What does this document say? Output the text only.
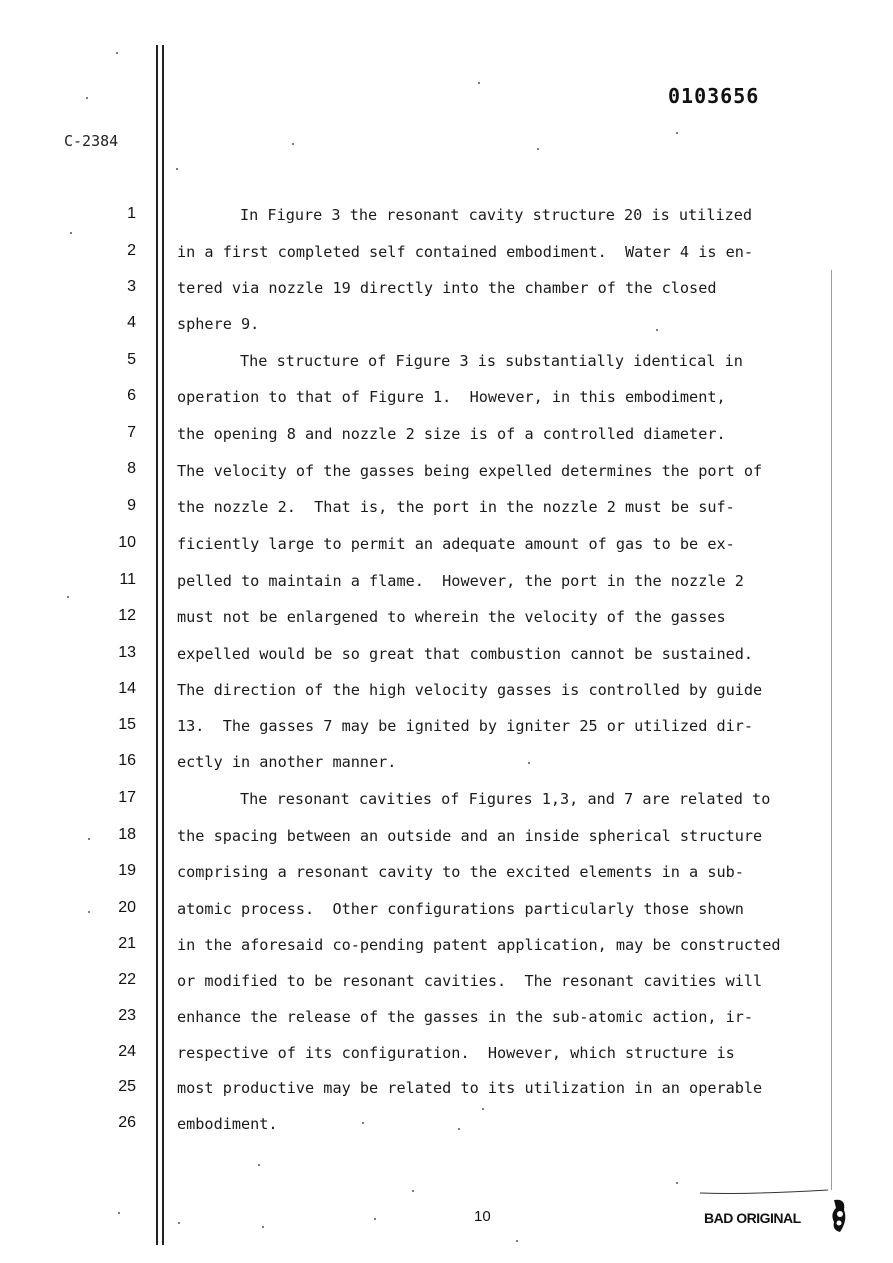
0103656
C-2384
1
2
3
4
5
6
7
8
9
10
11
12
13
14
15
16
17
18
19
20
21
22
23
24
25
26
In Figure 3 the resonant cavity structure 20 is utilized
in a first completed self contained embodiment.  Water 4 is en-
tered via nozzle 19 directly into the chamber of the closed
sphere 9.
The structure of Figure 3 is substantially identical in
operation to that of Figure 1.  However, in this embodiment,
the opening 8 and nozzle 2 size is of a controlled diameter.
The velocity of the gasses being expelled determines the port of
the nozzle 2.  That is, the port in the nozzle 2 must be suf-
ficiently large to permit an adequate amount of gas to be ex-
pelled to maintain a flame.  However, the port in the nozzle 2
must not be enlargened to wherein the velocity of the gasses
expelled would be so great that combustion cannot be sustained.
The direction of the high velocity gasses is controlled by guide
13.  The gasses 7 may be ignited by igniter 25 or utilized dir-
ectly in another manner.
The resonant cavities of Figures 1,3, and 7 are related to
the spacing between an outside and an inside spherical structure
comprising a resonant cavity to the excited elements in a sub-
atomic process.  Other configurations particularly those shown
in the aforesaid co-pending patent application, may be constructed
or modified to be resonant cavities.  The resonant cavities will
enhance the release of the gasses in the sub-atomic action, ir-
respective of its configuration.  However, which structure is
most productive may be related to its utilization in an operable
embodiment.
10	BAD ORIGINAL
